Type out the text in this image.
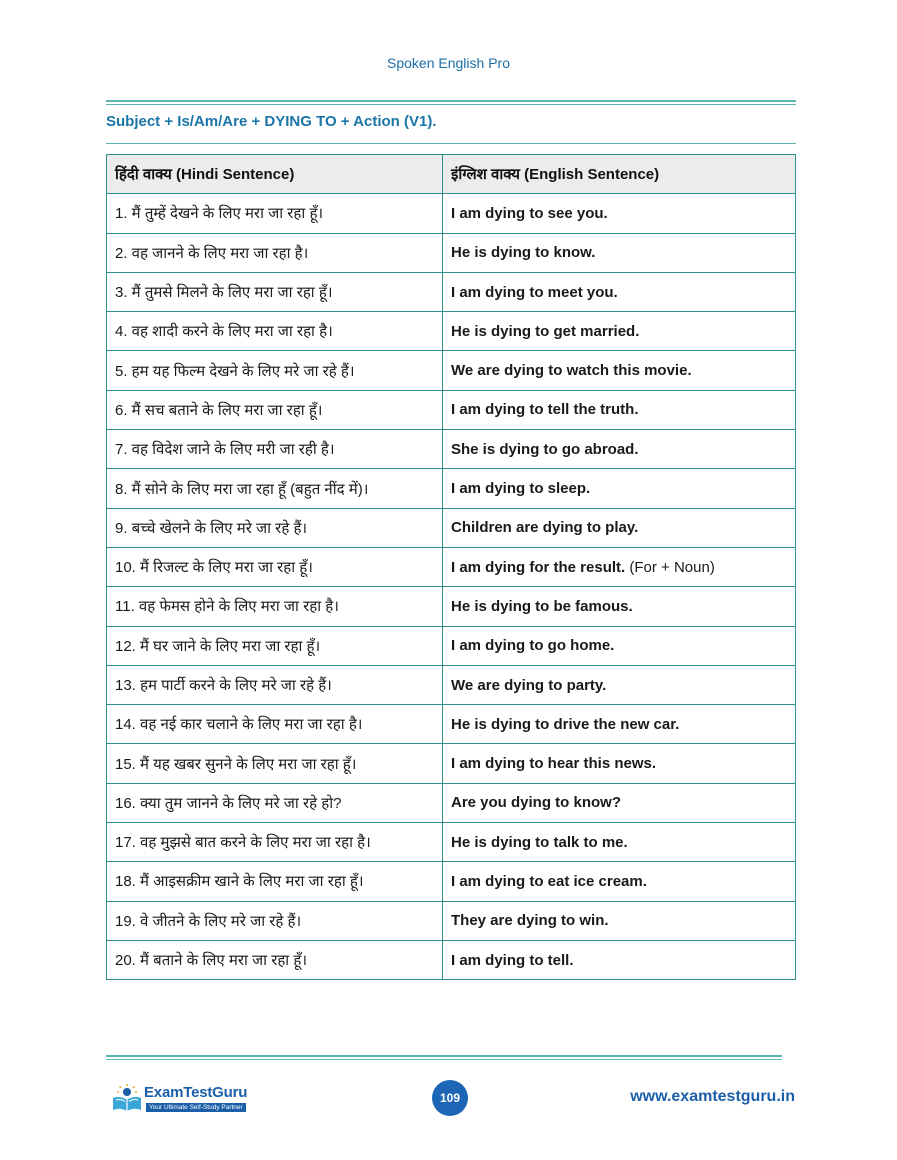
Spoken English Pro
Subject + Is/Am/Are + DYING TO + Action (V1).
हिंदी वाक्य (Hindi Sentence)	इंग्लिश वाक्य (English Sentence)
1. मैं तुम्हें देखने के लिए मरा जा रहा हूँ।	I am dying to see you.
2. वह जानने के लिए मरा जा रहा है।	He is dying to know.
3. मैं तुमसे मिलने के लिए मरा जा रहा हूँ।	I am dying to meet you.
4. वह शादी करने के लिए मरा जा रहा है।	He is dying to get married.
5. हम यह फिल्म देखने के लिए मरे जा रहे हैं।	We are dying to watch this movie.
6. मैं सच बताने के लिए मरा जा रहा हूँ।	I am dying to tell the truth.
7. वह विदेश जाने के लिए मरी जा रही है।	She is dying to go abroad.
8. मैं सोने के लिए मरा जा रहा हूँ (बहुत नींद में)।	I am dying to sleep.
9. बच्चे खेलने के लिए मरे जा रहे हैं।	Children are dying to play.
10. मैं रिजल्ट के लिए मरा जा रहा हूँ।	I am dying for the result. (For + Noun)
11. वह फेमस होने के लिए मरा जा रहा है।	He is dying to be famous.
12. मैं घर जाने के लिए मरा जा रहा हूँ।	I am dying to go home.
13. हम पार्टी करने के लिए मरे जा रहे हैं।	We are dying to party.
14. वह नई कार चलाने के लिए मरा जा रहा है।	He is dying to drive the new car.
15. मैं यह खबर सुनने के लिए मरा जा रहा हूँ।	I am dying to hear this news.
16. क्या तुम जानने के लिए मरे जा रहे हो?	Are you dying to know?
17. वह मुझसे बात करने के लिए मरा जा रहा है।	He is dying to talk to me.
18. मैं आइसक्रीम खाने के लिए मरा जा रहा हूँ।	I am dying to eat ice cream.
19. वे जीतने के लिए मरे जा रहे हैं।	They are dying to win.
20. मैं बताने के लिए मरा जा रहा हूँ।	I am dying to tell.
ExamTestGuru
Your Ultimate Self-Study Partner
109	www.examtestguru.in
